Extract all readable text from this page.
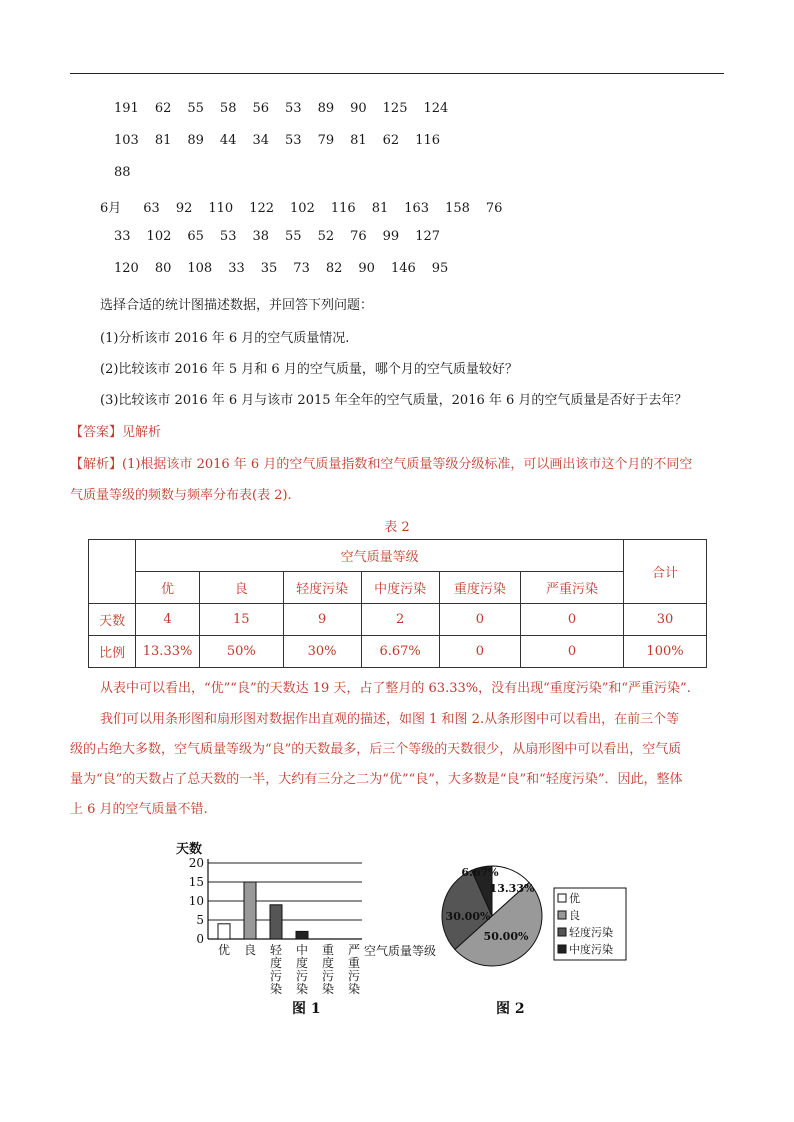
191 62 55 58 56 53 89 90 125 124
103 81 89 44 34 53 79 81 62 116
88
6月 63 92 110 122 102 116 81 163 158 76
33 102 65 53 38 55 52 76 99 127
120 80 108 33 35 73 82 90 146 95
选择合适的统计图描述数据，并回答下列问题：
(1)分析该市 2016 年 6 月的空气质量情况.
(2)比较该市 2016 年 5 月和 6 月的空气质量，哪个月的空气质量较好？
(3)比较该市 2016 年 6 月与该市 2015 年全年的空气质量，2016 年 6 月的空气质量是否好于去年？
【答案】见解析
【解析】(1)根据该市 2016 年 6 月的空气质量指数和空气质量等级分级标准，可以画出该市这个月的不同空
气质量等级的频数与频率分布表(表 2).
表 2
	空气质量等级						合计
	优	良	轻度污染	中度污染	重度污染	严重污染	
天数	4	15	9	2	0	0	30
比例	13.33%	50%	30%	6.67%	0	0	100%
从表中可以看出，“优”“良”的天数达 19 天，占了整月的 63.33%，没有出现“重度污染”和“严重污染”.
我们可以用条形图和扇形图对数据作出直观的描述，如图 1 和图 2.从条形图中可以看出，在前三个等
级的占绝大多数，空气质量等级为“良”的天数最多，后三个等级的天数很少，从扇形图中可以看出，空气质
量为“良”的天数占了总天数的一半，大约有三分之二为“优”“良”，大多数是“良”和“轻度污染”．因此，整体
上 6 月的空气质量不错.
天数
0
5
10
15
20
优 良 轻
度
污
染
中
度
污
染
重
度
污
染
严
重
污
染
空气质量等级
13.33%
50.00%
30.00%
6.67%
优
良
轻度污染
中度污染
图 1	图 2
